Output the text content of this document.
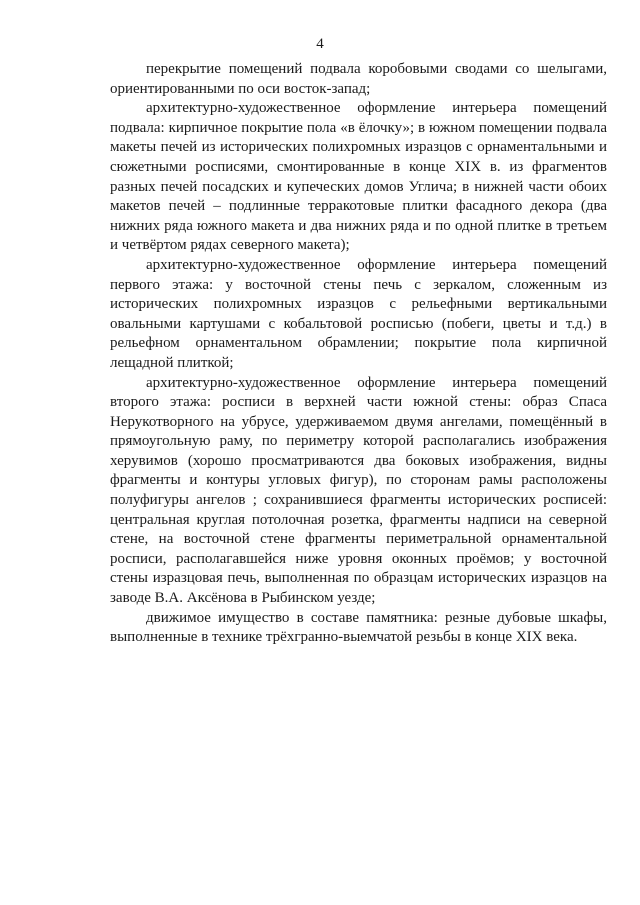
4

перекрытие помещений подвала коробовыми сводами со шелыгами, ориентированными по оси восток-запад;

архитектурно-художественное оформление интерьера помещений подвала: кирпичное покрытие пола «в ёлочку»; в южном помещении подвала макеты печей из исторических полихромных изразцов с орнаментальными и сюжетными росписями, смонтированные в конце XIX в. из фрагментов разных печей посадских и купеческих домов Углича; в нижней части обоих макетов печей – подлинные терракотовые плитки фасадного декора (два нижних ряда южного макета и два нижних ряда и по одной плитке в третьем и четвёртом рядах северного макета);

архитектурно-художественное оформление интерьера помещений первого этажа: у восточной стены печь с зеркалом, сложенным из исторических полихромных изразцов с рельефными вертикальными овальными картушами с кобальтовой росписью (побеги, цветы и т.д.) в рельефном орнаментальном обрамлении; покрытие пола кирпичной лещадной плиткой;

архитектурно-художественное оформление интерьера помещений второго этажа: росписи в верхней части южной стены: образ Спаса Нерукотворного на убрусе, удерживаемом двумя ангелами, помещённый в прямоугольную раму, по периметру которой располагались изображения херувимов (хорошо просматриваются два боковых изображения, видны фрагменты и контуры угловых фигур), по сторонам рамы расположены полуфигуры ангелов ; сохранившиеся фрагменты исторических росписей: центральная круглая потолочная розетка, фрагменты надписи на северной стене, на восточной стене фрагменты периметральной орнаментальной росписи, располагавшейся ниже уровня оконных проёмов; у восточной стены изразцовая печь, выполненная по образцам исторических изразцов на заводе В.А. Аксёнова в Рыбинском уезде;

движимое имущество в составе памятника: резные дубовые шкафы, выполненные в технике трёхгранно-выемчатой резьбы в конце XIX века.
